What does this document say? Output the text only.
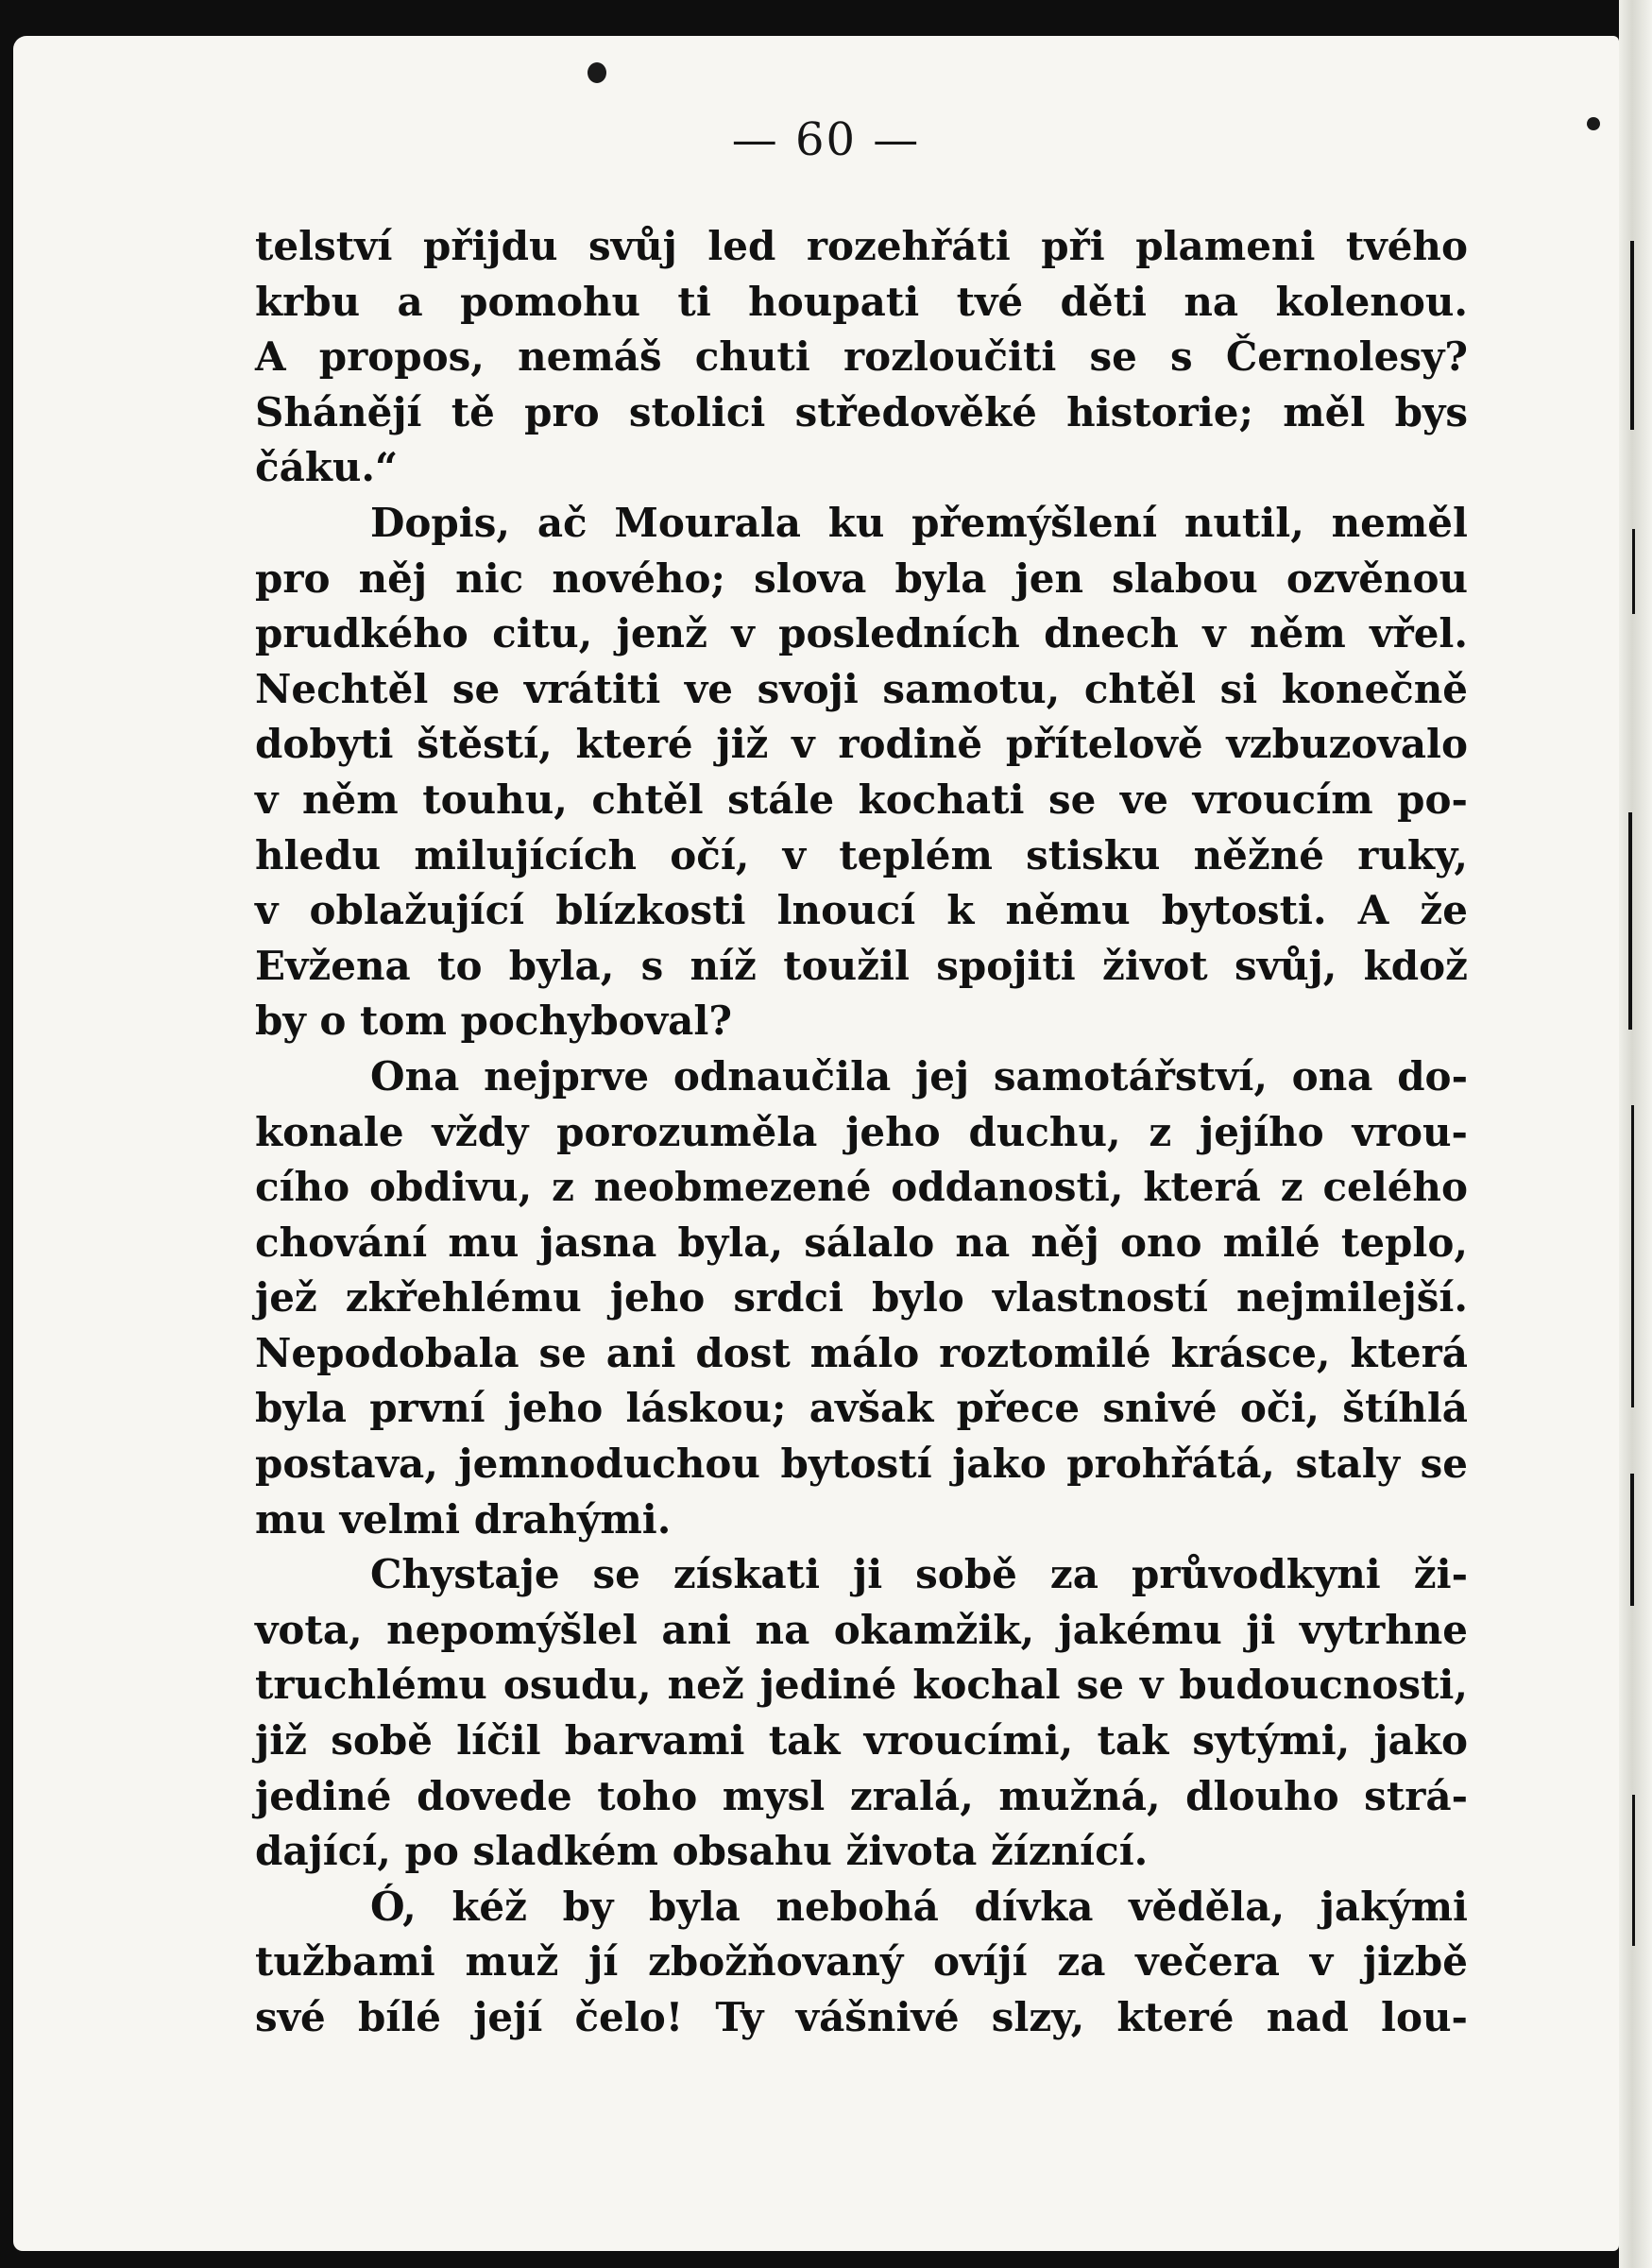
— 60 —
telství přijdu svůj led rozehřáti při plameni tvého
krbu a pomohu ti houpati tvé děti na kolenou.
A propos, nemáš chuti rozloučiti se s Černolesy?
Shánějí tě pro stolici středověké historie; měl bys
čáku.“
Dopis, ač Mourala ku přemýšlení nutil, neměl
pro něj nic nového; slova byla jen slabou ozvěnou
prudkého citu, jenž v posledních dnech v něm vřel.
Nechtěl se vrátiti ve svoji samotu, chtěl si konečně
dobyti štěstí, které již v rodině přítelově vzbuzovalo
v něm touhu, chtěl stále kochati se ve vroucím po-
hledu milujících očí, v teplém stisku něžné ruky,
v oblažující blízkosti lnoucí k němu bytosti. A že
Evžena to byla, s níž toužil spojiti život svůj, kdož
by o tom pochyboval?
Ona nejprve odnaučila jej samotářství, ona do-
konale vždy porozuměla jeho duchu, z jejího vrou-
cího obdivu, z neobmezené oddanosti, která z celého
chování mu jasna byla, sálalo na něj ono milé teplo,
jež zkřehlému jeho srdci bylo vlastností nejmilejší.
Nepodobala se ani dost málo roztomilé krásce, která
byla první jeho láskou; avšak přece snivé oči, štíhlá
postava, jemnoduchou bytostí jako prohřátá, staly se
mu velmi drahými.
Chystaje se získati ji sobě za průvodkyni ži-
vota, nepomýšlel ani na okamžik, jakému ji vytrhne
truchlému osudu, než jediné kochal se v budoucnosti,
již sobě líčil barvami tak vroucími, tak sytými, jako
jediné dovede toho mysl zralá, mužná, dlouho strá-
dající, po sladkém obsahu života žíznící.
Ó, kéž by byla nebohá dívka věděla, jakými
tužbami muž jí zbožňovaný ovíjí za večera v jizbě
své bílé její čelo! Ty vášnivé slzy, které nad lou-
